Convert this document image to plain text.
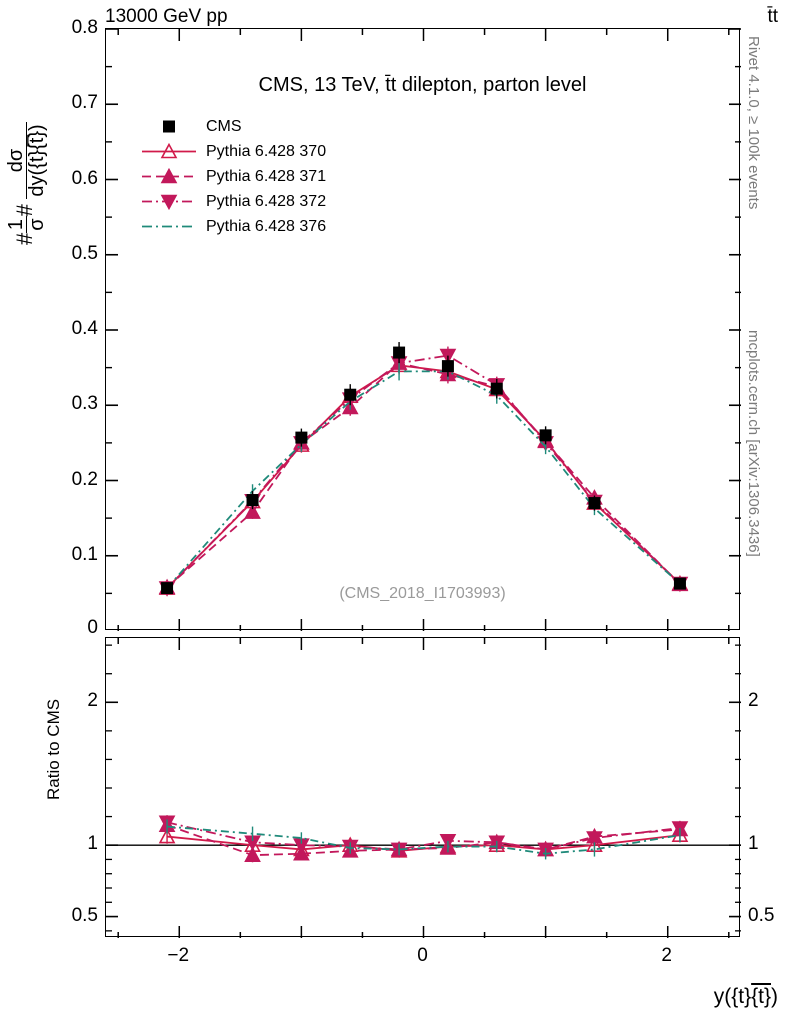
13000 GeV pp	t̄t
Rivet 4.1.0, ≥ 100k events
mcplots.cern.ch [arXiv:1306.3436]
#
1 σ
#
dσ dy({t}{t̅})
Ratio to CMS
y({t}{t})
CMS, 13 TeV, t̄t dilepton, parton level
(CMS_2018_I1703993)
CMS
Pythia 6.428 370
Pythia 6.428 371
Pythia 6.428 372
Pythia 6.428 376
0.1
0.2
0.3
0.4
0.5
0.6
0.7
0.8
0
0.5	0.5
1	1
2	2
−2	0	2
